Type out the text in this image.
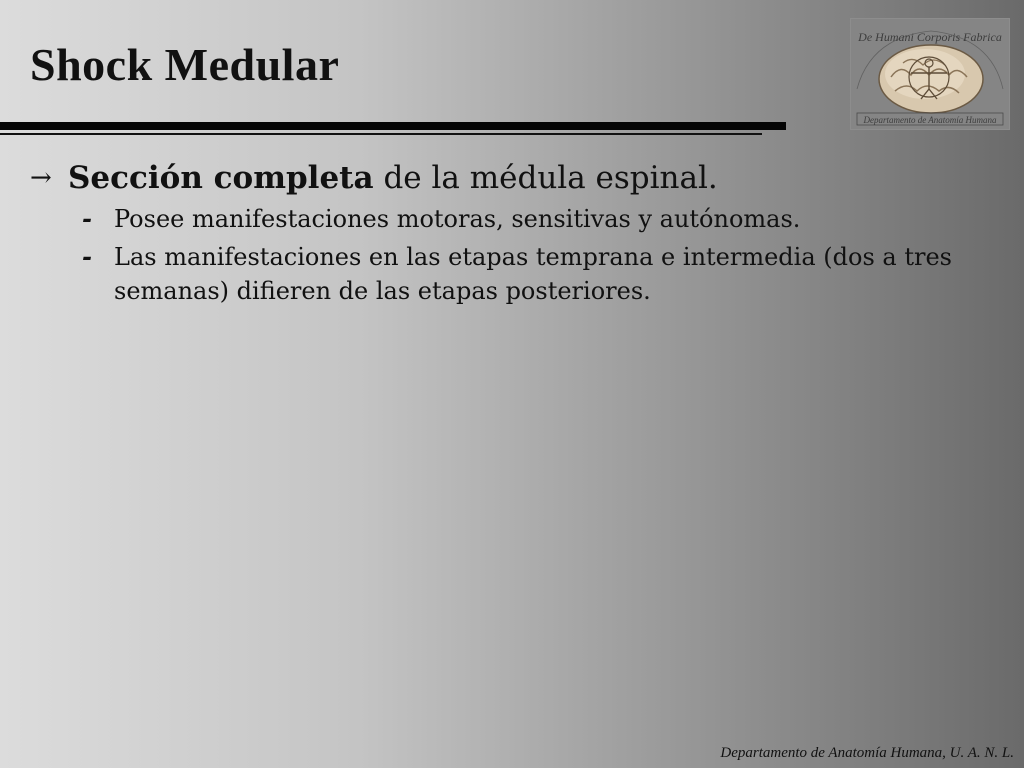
Shock Medular
De Humani Corporis Fabrica
Departamento de Anatomía Humana
→ Sección completa de la médula espinal.
- Posee manifestaciones motoras, sensitivas y autónomas.
- Las manifestaciones en las etapas temprana e intermedia (dos a tres semanas) difieren de las etapas posteriores.
Departamento de Anatomía Humana, U. A. N. L.
